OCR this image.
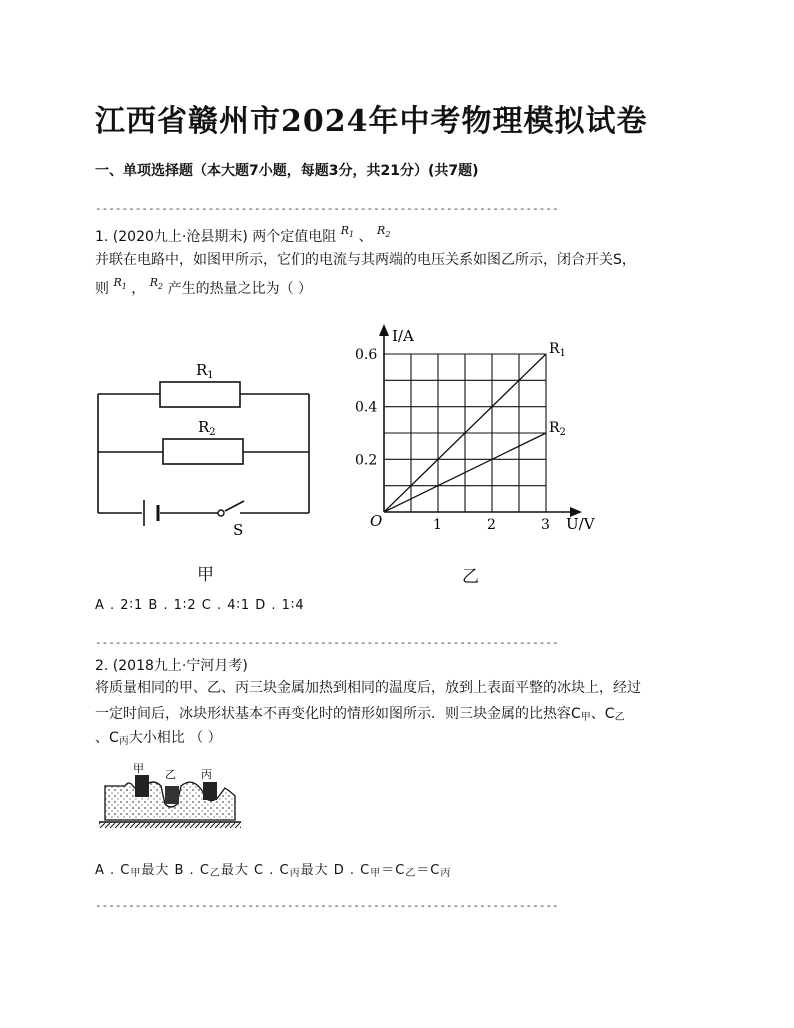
江西省赣州市2024年中考物理模拟试卷
一、单项选择题（本大题7小题，每题3分，共21分）(共7题)
----------------------------------------------------------------------
1. (2020九上·沧县期末) 两个定值电阻 $^{R_1}$ 、 $^{R_2}$
并联在电路中，如图甲所示，它们的电流与其两端的电压关系如图乙所示，闭合开关S，
则 $^{R_1}$ ， $^{R_2}$ 产生的热量之比为（ ）
$R_1$
$R_2$
S
甲
I/A
U/V
O	1	2	3
0.2
0.4
0.6	$R_1$
$R_2$
乙
A . 2∶1 B . 1∶2 C . 4∶1 D . 1∶4
----------------------------------------------------------------------
2. (2018九上·宁河月考)
将质量相同的甲、乙、丙三块金属加热到相同的温度后，放到上表面平整的冰块上，经过
一定时间后，冰块形状基本不再变化时的情形如图所示．则三块金属的比热容$C_甲$、$C_乙$
、$C_丙$大小相比 （ ）
甲 乙 丙
A . $C_甲$最大 B . $C_乙$最大 C . $C_丙$最大 D . $C_甲=C_乙=C_丙$
----------------------------------------------------------------------
